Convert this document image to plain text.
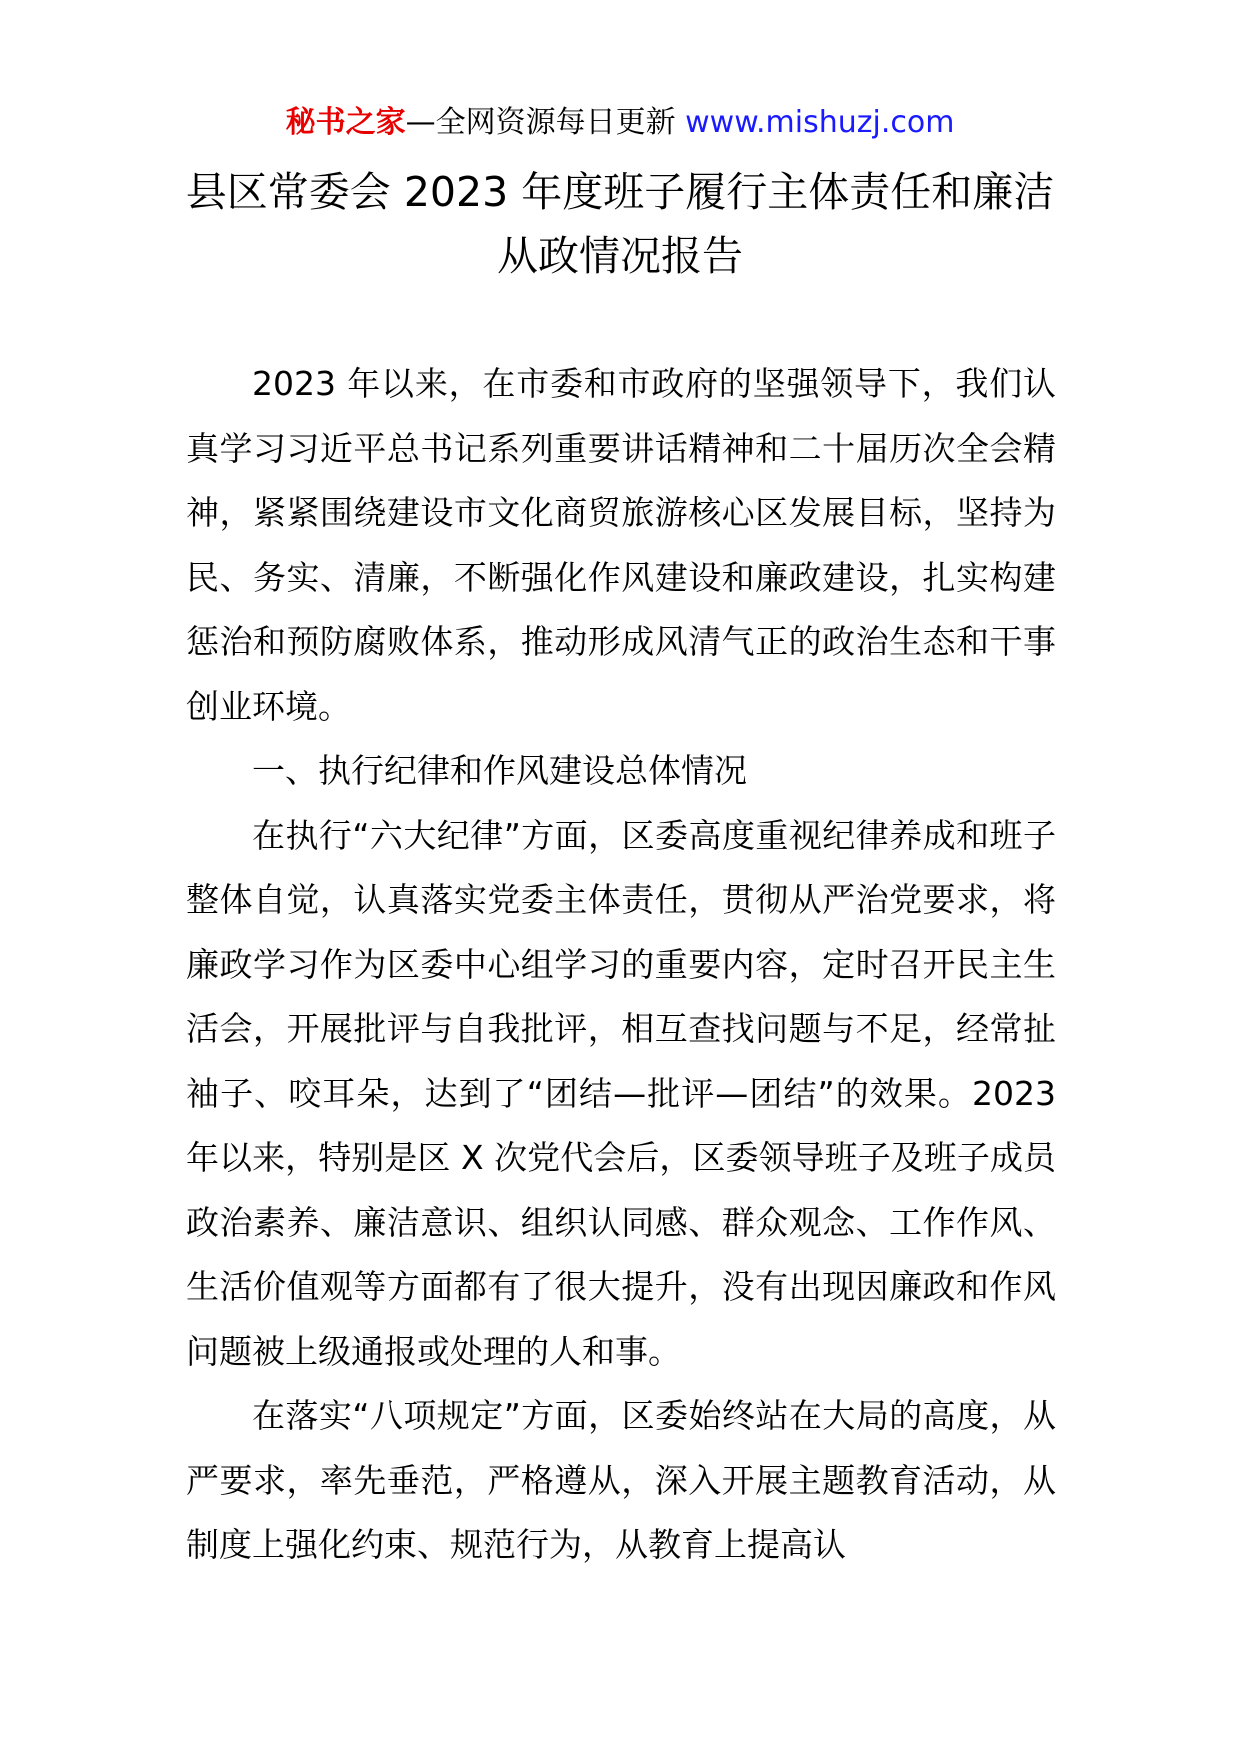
秘书之家—全网资源每日更新 www.mishuzj.com
县区常委会 2023 年度班子履行主体责任和廉洁
从政情况报告

2023 年以来，在市委和市政府的坚强领导下，我们认真学习习近平总书记系列重要讲话精神和二十届历次全会精神，紧紧围绕建设市文化商贸旅游核心区发展目标，坚持为民、务实、清廉，不断强化作风建设和廉政建设，扎实构建惩治和预防腐败体系，推动形成风清气正的政治生态和干事创业环境。

一、执行纪律和作风建设总体情况

在执行“六大纪律”方面，区委高度重视纪律养成和班子整体自觉，认真落实党委主体责任，贯彻从严治党要求，将廉政学习作为区委中心组学习的重要内容，定时召开民主生活会，开展批评与自我批评，相互查找问题与不足，经常扯袖子、咬耳朵，达到了“团结—批评—团结”的效果。2023 年以来，特别是区 X 次党代会后，区委领导班子及班子成员政治素养、廉洁意识、组织认同感、群众观念、工作作风、生活价值观等方面都有了很大提升，没有出现因廉政和作风问题被上级通报或处理的人和事。

在落实“八项规定”方面，区委始终站在大局的高度，从严要求，率先垂范，严格遵从，深入开展主题教育活动，从制度上强化约束、规范行为，从教育上提高认
